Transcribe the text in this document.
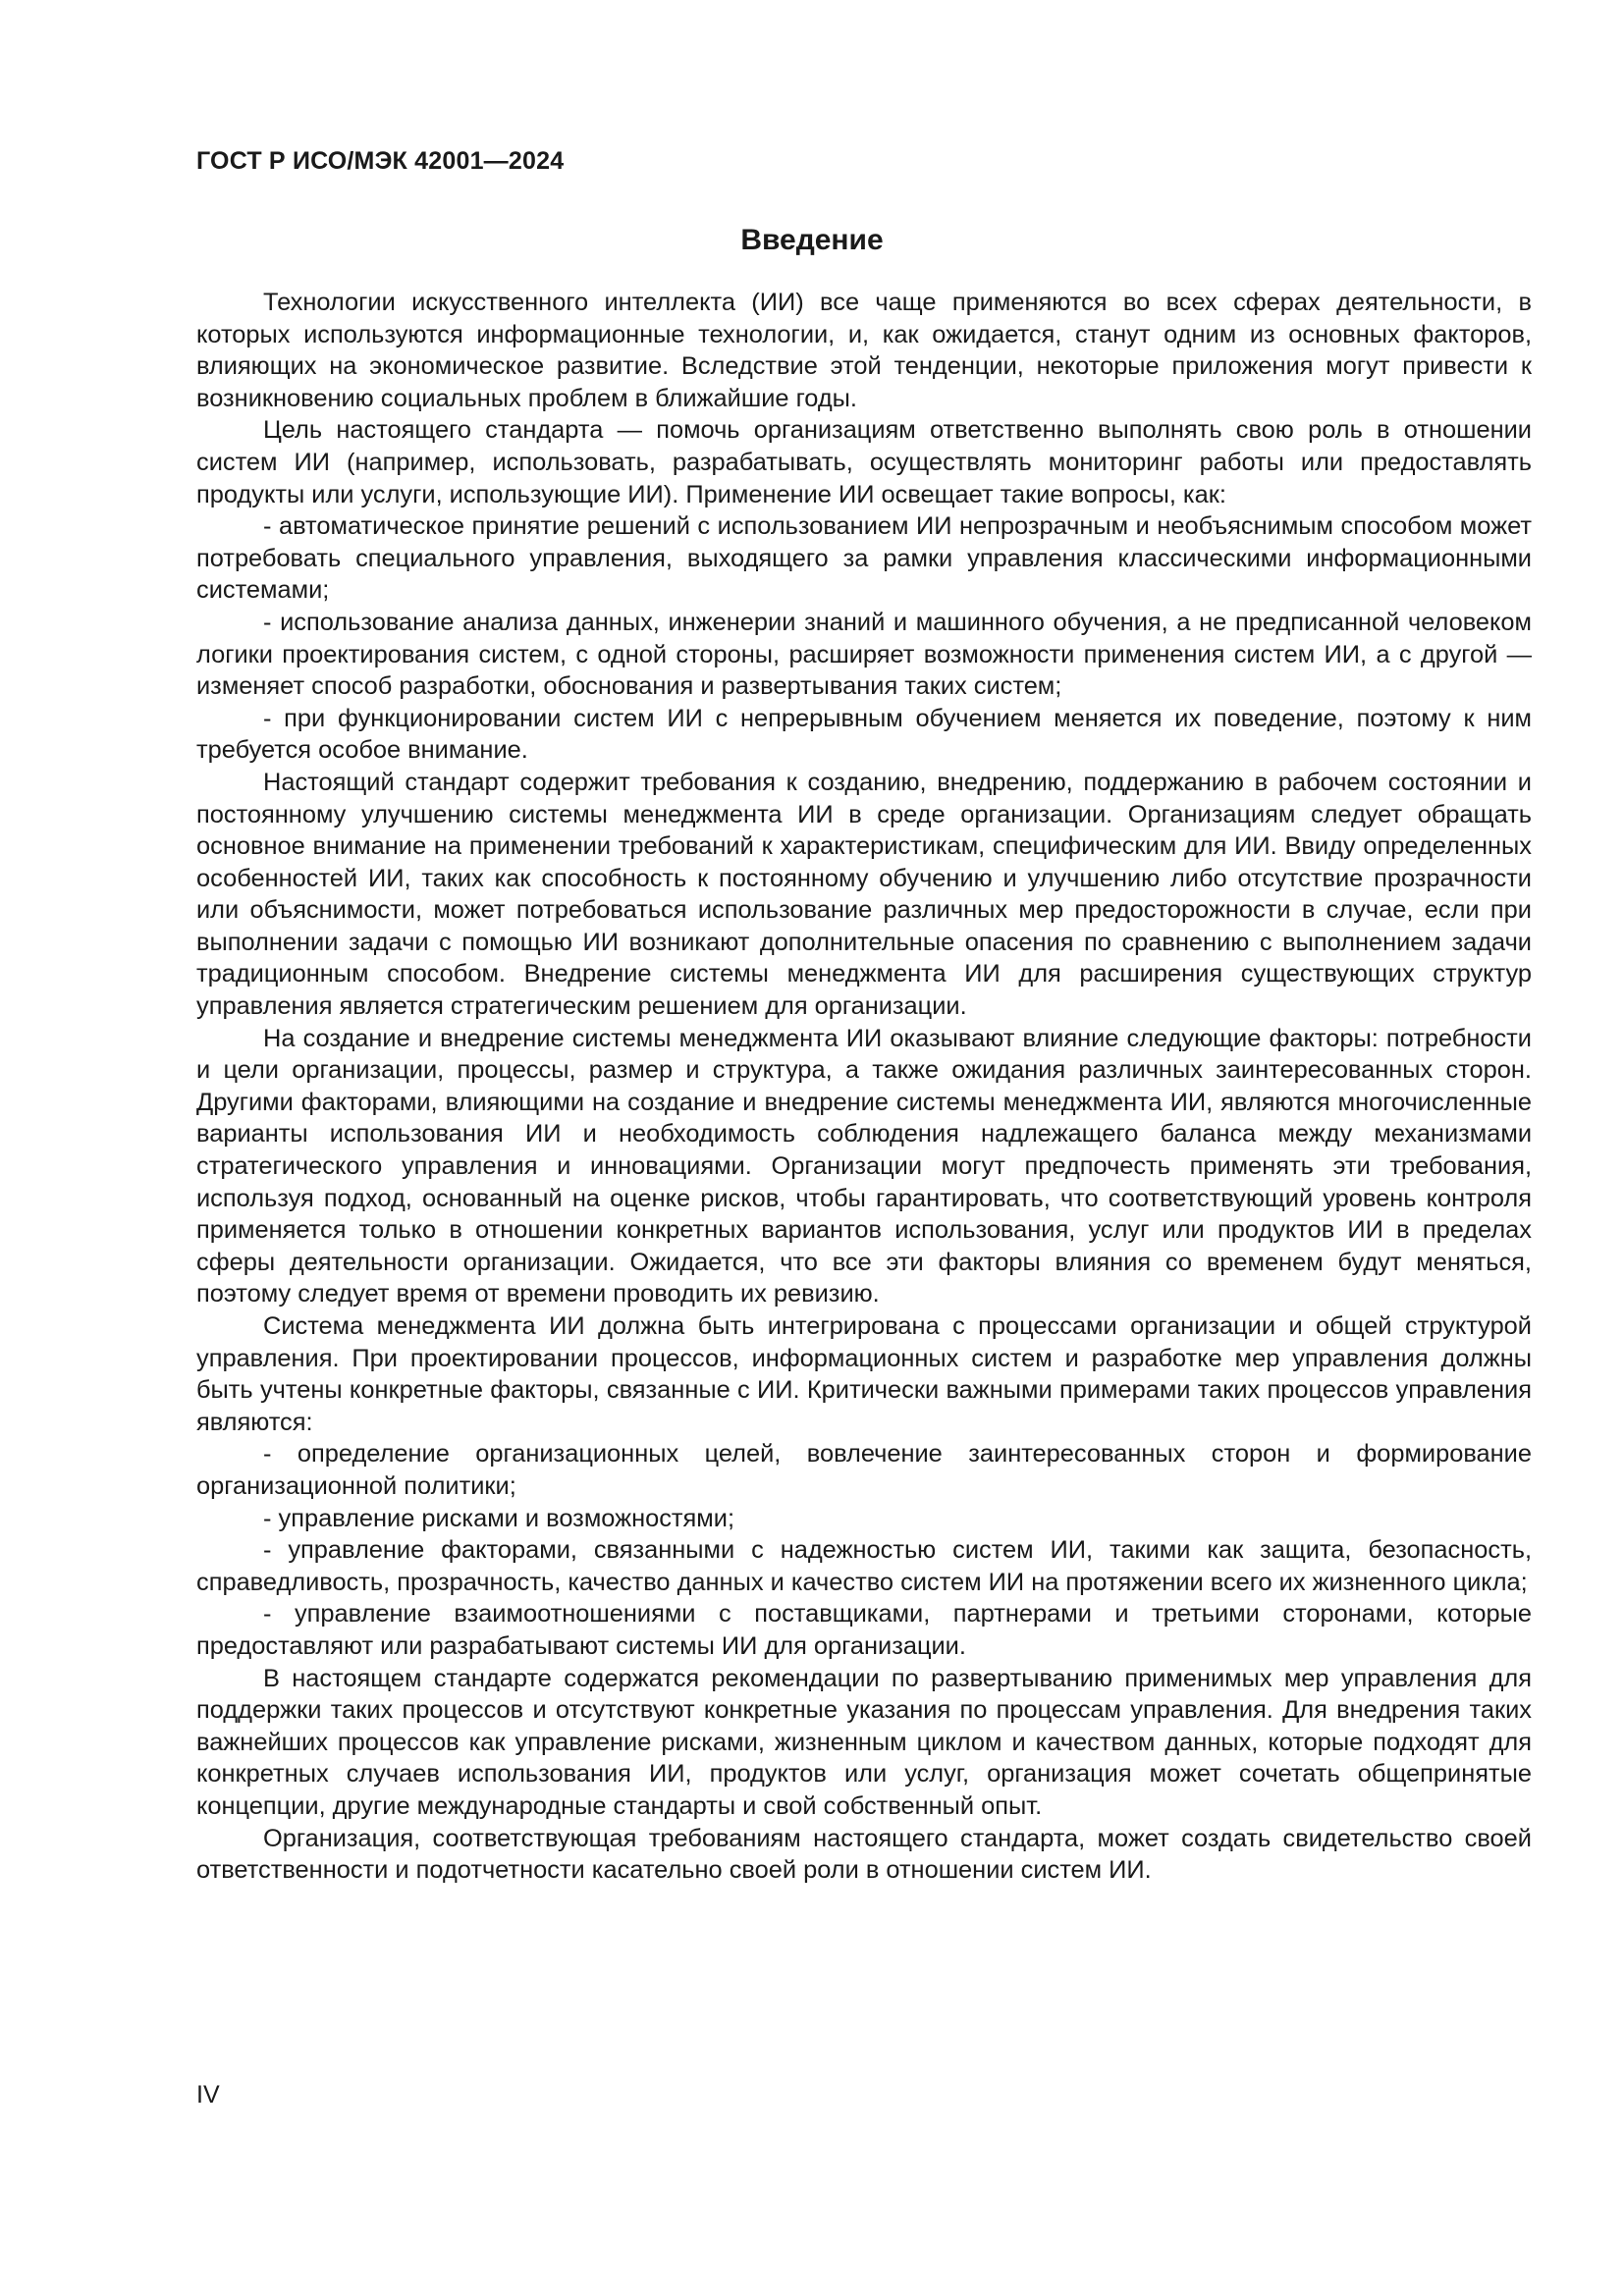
ГОСТ Р ИСО/МЭК 42001—2024
Введение

Технологии искусственного интеллекта (ИИ) все чаще применяются во всех сферах деятельности, в которых используются информационные технологии, и, как ожидается, станут одним из основных факторов, влияющих на экономическое развитие. Вследствие этой тенденции, некоторые приложения могут привести к возникновению социальных проблем в ближайшие годы.

Цель настоящего стандарта — помочь организациям ответственно выполнять свою роль в отношении систем ИИ (например, использовать, разрабатывать, осуществлять мониторинг работы или предоставлять продукты или услуги, использующие ИИ). Применение ИИ освещает такие вопросы, как:

- автоматическое принятие решений с использованием ИИ непрозрачным и необъяснимым способом может потребовать специального управления, выходящего за рамки управления классическими информационными системами;

- использование анализа данных, инженерии знаний и машинного обучения, а не предписанной человеком логики проектирования систем, с одной стороны, расширяет возможности применения систем ИИ, а с другой — изменяет способ разработки, обоснования и развертывания таких систем;

- при функционировании систем ИИ с непрерывным обучением меняется их поведение, поэтому к ним требуется особое внимание.

Настоящий стандарт содержит требования к созданию, внедрению, поддержанию в рабочем состоянии и постоянному улучшению системы менеджмента ИИ в среде организации. Организациям следует обращать основное внимание на применении требований к характеристикам, специфическим для ИИ. Ввиду определенных особенностей ИИ, таких как способность к постоянному обучению и улучшению либо отсутствие прозрачности или объяснимости, может потребоваться использование различных мер предосторожности в случае, если при выполнении задачи с помощью ИИ возникают дополнительные опасения по сравнению с выполнением задачи традиционным способом. Внедрение системы менеджмента ИИ для расширения существующих структур управления является стратегическим решением для организации.

На создание и внедрение системы менеджмента ИИ оказывают влияние следующие факторы: потребности и цели организации, процессы, размер и структура, а также ожидания различных заинтересованных сторон. Другими факторами, влияющими на создание и внедрение системы менеджмента ИИ, являются многочисленные варианты использования ИИ и необходимость соблюдения надлежащего баланса между механизмами стратегического управления и инновациями. Организации могут предпочесть применять эти требования, используя подход, основанный на оценке рисков, чтобы гарантировать, что соответствующий уровень контроля применяется только в отношении конкретных вариантов использования, услуг или продуктов ИИ в пределах сферы деятельности организации. Ожидается, что все эти факторы влияния со временем будут меняться, поэтому следует время от времени проводить их ревизию.

Система менеджмента ИИ должна быть интегрирована с процессами организации и общей структурой управления. При проектировании процессов, информационных систем и разработке мер управления должны быть учтены конкретные факторы, связанные с ИИ. Критически важными примерами таких процессов управления являются:

- определение организационных целей, вовлечение заинтересованных сторон и формирование организационной политики;

- управление рисками и возможностями;

- управление факторами, связанными с надежностью систем ИИ, такими как защита, безопасность, справедливость, прозрачность, качество данных и качество систем ИИ на протяжении всего их жизненного цикла;

- управление взаимоотношениями с поставщиками, партнерами и третьими сторонами, которые предоставляют или разрабатывают системы ИИ для организации.

В настоящем стандарте содержатся рекомендации по развертыванию применимых мер управления для поддержки таких процессов и отсутствуют конкретные указания по процессам управления. Для внедрения таких важнейших процессов как управление рисками, жизненным циклом и качеством данных, которые подходят для конкретных случаев использования ИИ, продуктов или услуг, организация может сочетать общепринятые концепции, другие международные стандарты и свой собственный опыт.

Организация, соответствующая требованиям настоящего стандарта, может создать свидетельство своей ответственности и подотчетности касательно своей роли в отношении систем ИИ.

IV
